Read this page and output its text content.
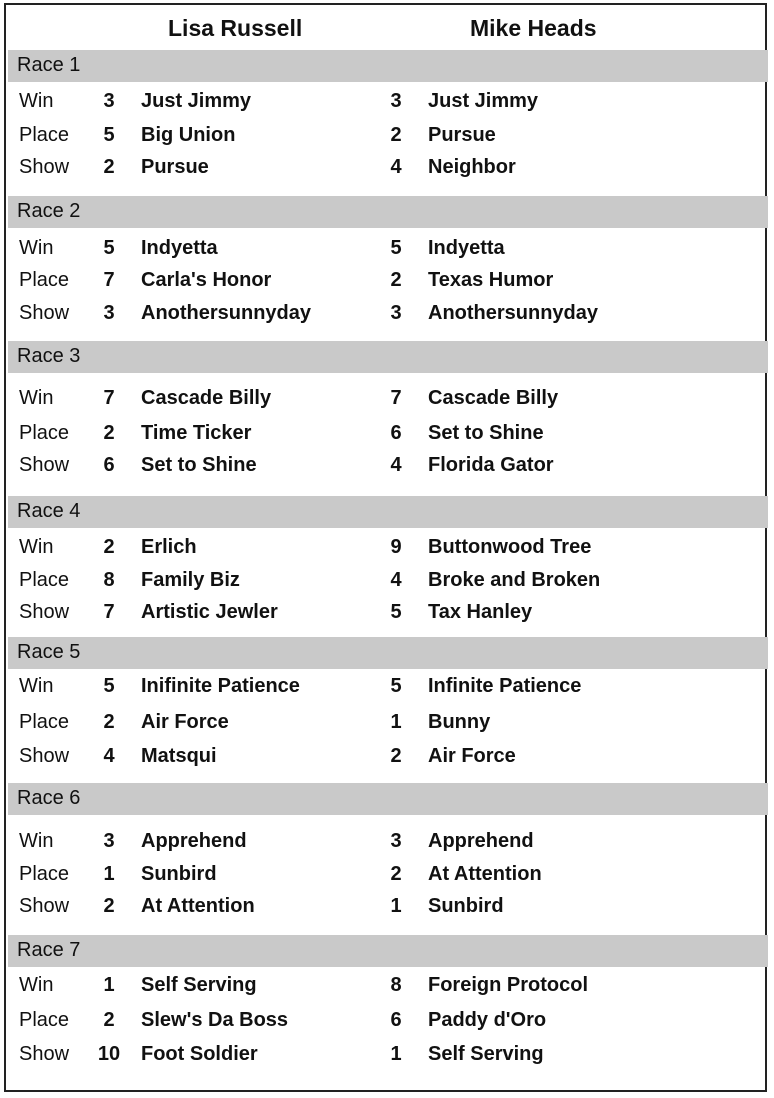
Lisa Russell	Mike Heads
Race 1
Win	3	Just Jimmy	3	Just Jimmy
Place	5	Big Union	2	Pursue
Show	2	Pursue	4	Neighbor
Race 2
Win	5	Indyetta	5	Indyetta
Place	7	Carla's Honor	2	Texas Humor
Show	3	Anothersunnyday	3	Anothersunnyday
Race 3
Win	7	Cascade Billy	7	Cascade Billy
Place	2	Time Ticker	6	Set to Shine
Show	6	Set to Shine	4	Florida Gator
Race 4
Win	2	Erlich	9	Buttonwood Tree
Place	8	Family Biz	4	Broke and Broken
Show	7	Artistic Jewler	5	Tax Hanley
Race 5
Win	5	Inifinite Patience	5	Infinite Patience
Place	2	Air Force	1	Bunny
Show	4	Matsqui	2	Air Force
Race 6
Win	3	Apprehend	3	Apprehend
Place	1	Sunbird	2	At Attention
Show	2	At Attention	1	Sunbird
Race 7
Win	1	Self Serving	8	Foreign Protocol
Place	2	Slew's Da Boss	6	Paddy d'Oro
Show	10	Foot Soldier	1	Self Serving
